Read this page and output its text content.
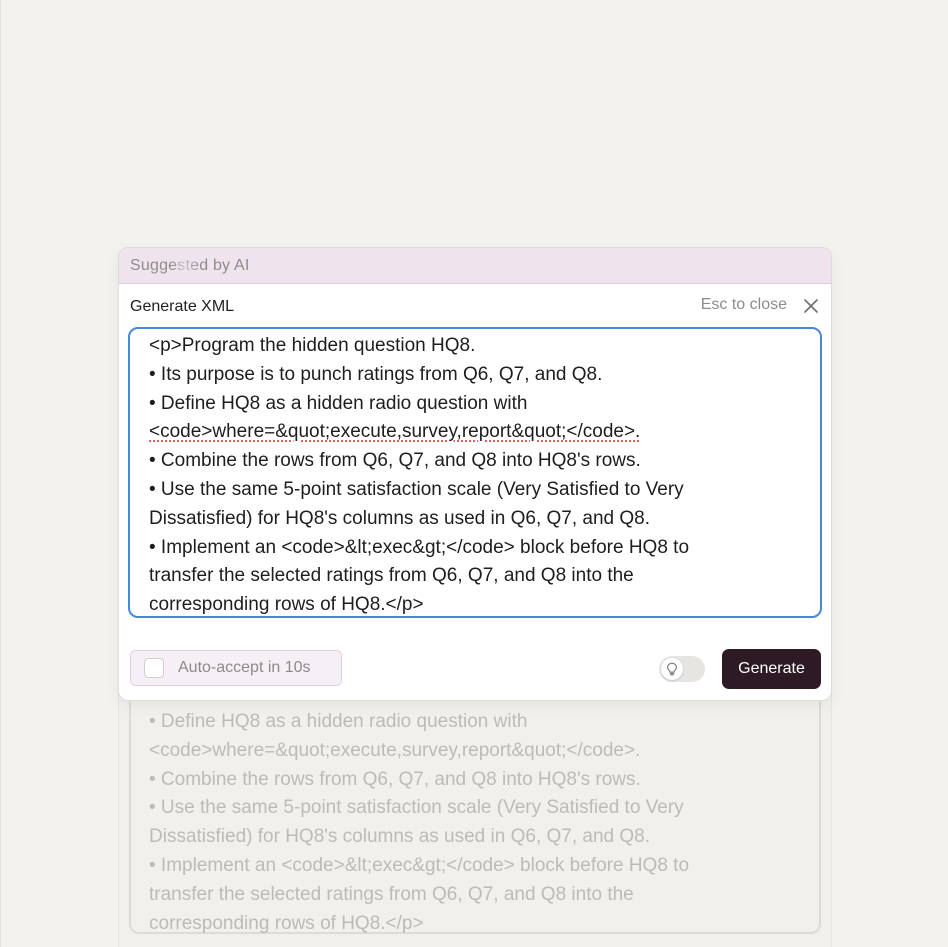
• Define HQ8 as a hidden radio question with
<code>where=&quot;execute,survey,report&quot;</code>.
• Combine the rows from Q6, Q7, and Q8 into HQ8's rows.
• Use the same 5-point satisfaction scale (Very Satisfied to Very
Dissatisfied) for HQ8's columns as used in Q6, Q7, and Q8.
• Implement an <code>&lt;exec&gt;</code> block before HQ8 to
transfer the selected ratings from Q6, Q7, and Q8 into the
corresponding rows of HQ8.</p>
Suggested by AI
Generate XML	Esc to close
<p>Program the hidden question HQ8.
• Its purpose is to punch ratings from Q6, Q7, and Q8.
• Define HQ8 as a hidden radio question with
<code>where=&quot;execute,survey,report&quot;</code>.
• Combine the rows from Q6, Q7, and Q8 into HQ8's rows.
• Use the same 5-point satisfaction scale (Very Satisfied to Very
Dissatisfied) for HQ8's columns as used in Q6, Q7, and Q8.
• Implement an <code>&lt;exec&gt;</code> block before HQ8 to
transfer the selected ratings from Q6, Q7, and Q8 into the
corresponding rows of HQ8.</p>
Auto-accept in 10s	Generate
